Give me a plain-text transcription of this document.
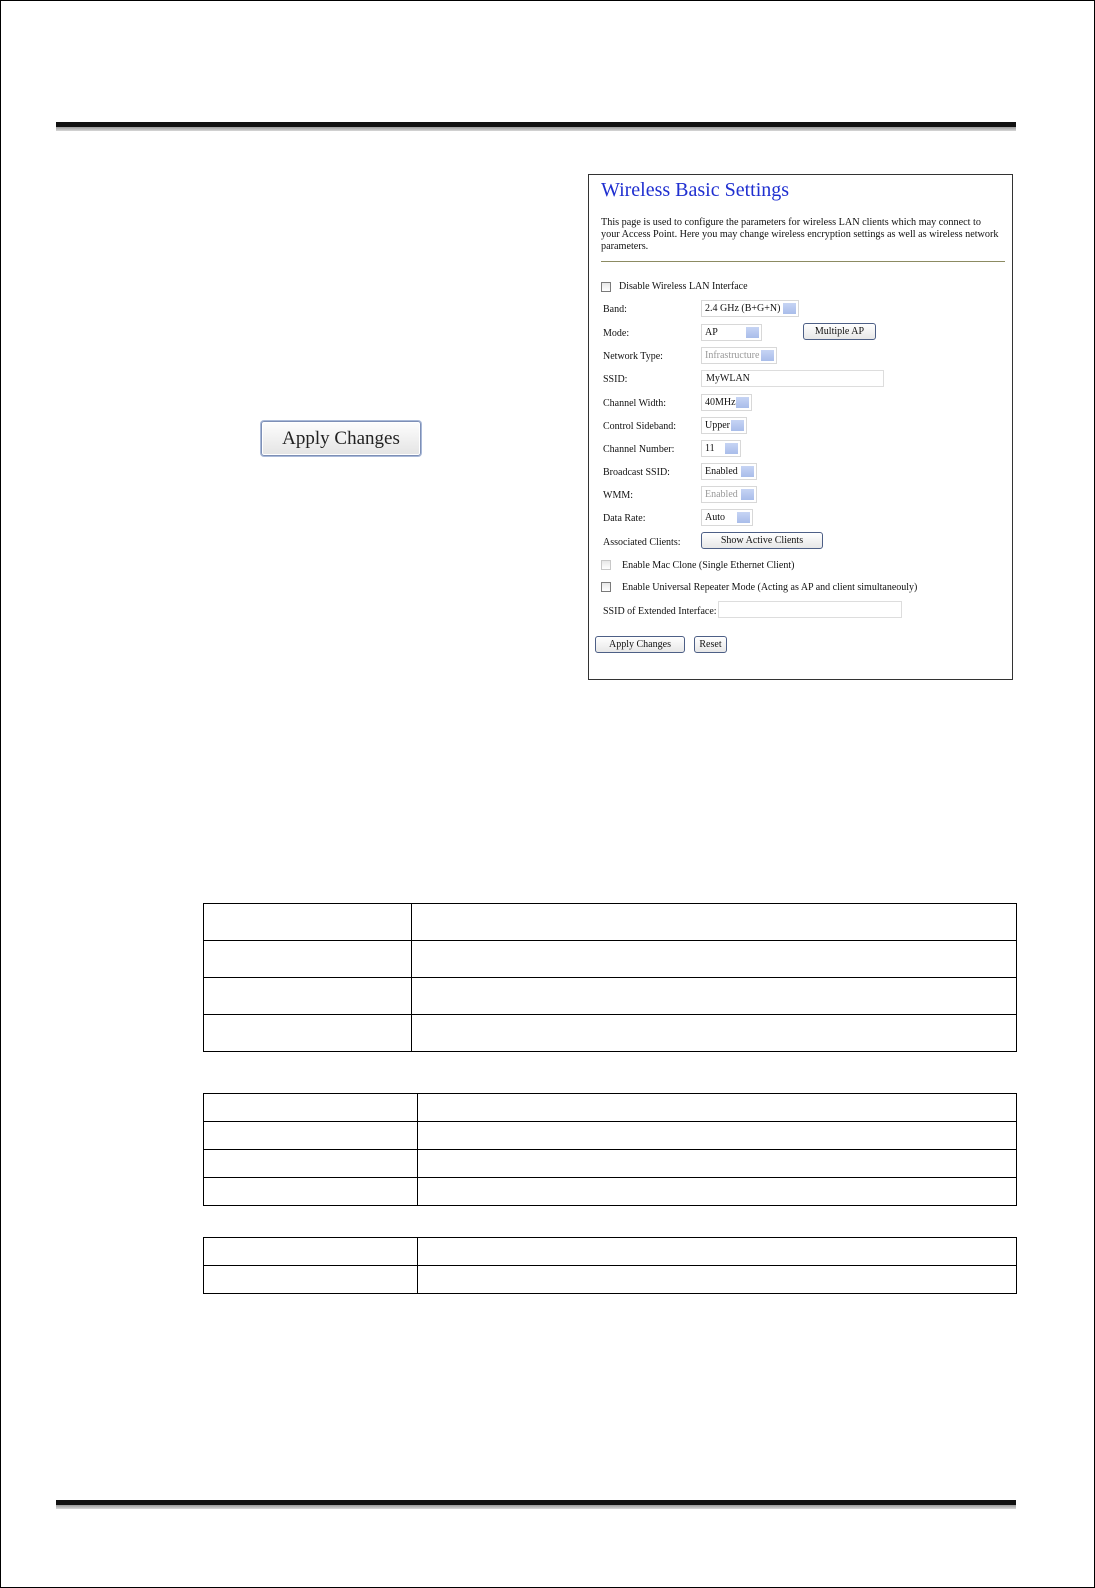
Apply Changes
Wireless Basic Settings
This page is used to configure the parameters for wireless LAN clients which may connect to your Access Point. Here you may change wireless encryption settings as well as wireless network parameters.
Disable Wireless LAN Interface
Band:	2.4 GHz (B+G+N)
Mode:	AP	Multiple AP
Network Type:	Infrastructure
SSID:	MyWLAN
Channel Width:	40MHz
Control Sideband:	Upper
Channel Number:	11
Broadcast SSID:	Enabled
WMM:	Enabled
Data Rate:	Auto
Associated Clients:	Show Active Clients
Enable Mac Clone (Single Ethernet Client)
Enable Universal Repeater Mode (Acting as AP and client simultaneouly)
SSID of Extended Interface:
Apply Changes	Reset
